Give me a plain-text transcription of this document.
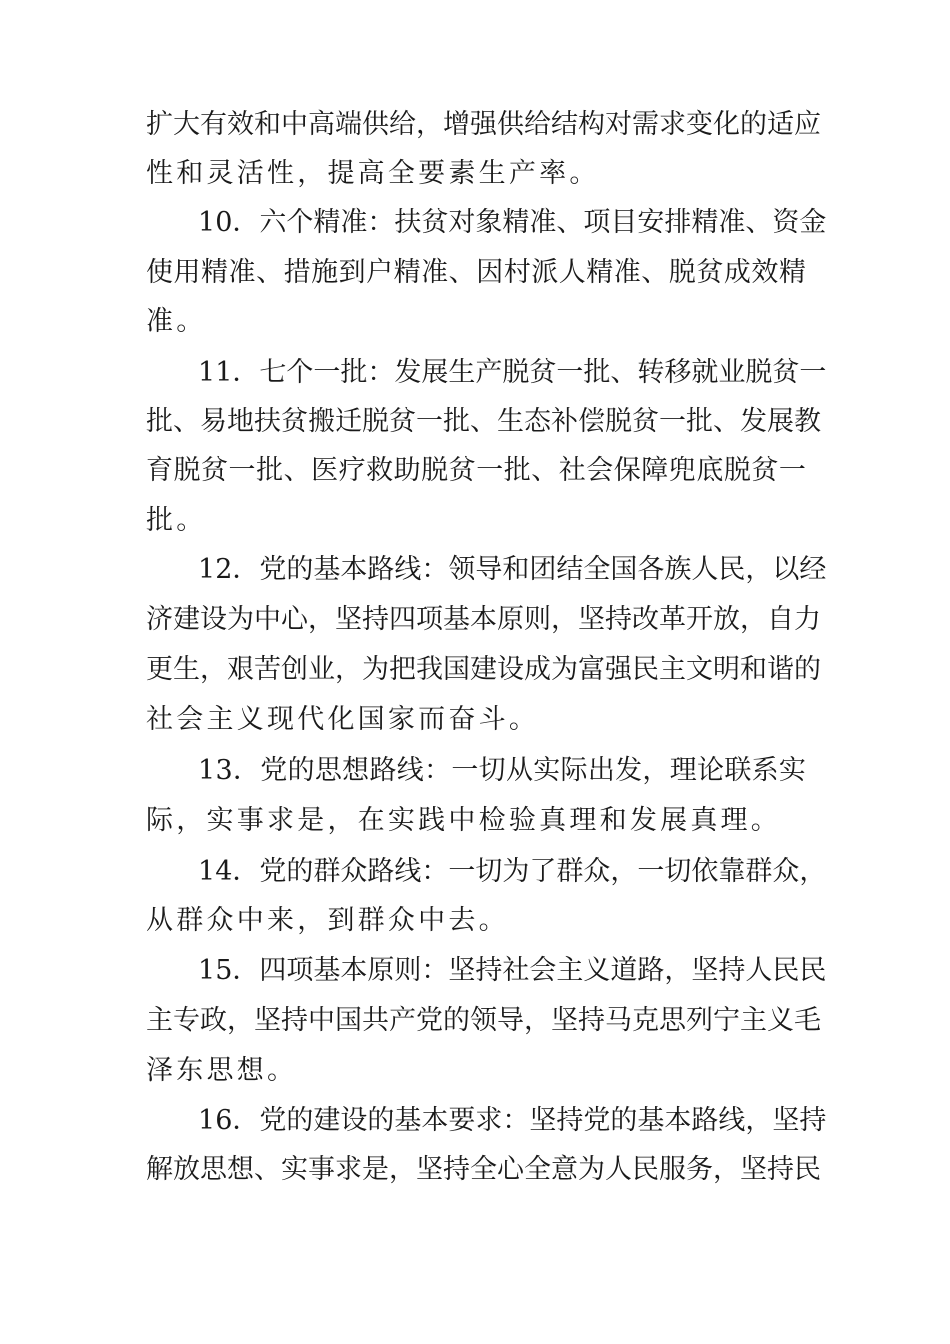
扩 大 有 效 和 中 高 端 供 给 ， 增 强 供 给 结 构 对 需 求 变 化 的 适 应
性和灵活性，提高全要素生产率。
1 0 ． 六 个 精 准 ： 扶 贫 对 象 精 准 、 项 目 安 排 精 准 、 资 金
使 用 精 准 、 措 施 到 户 精 准 、 因 村 派 人 精 准 、 脱 贫 成 效 精
准。
1 1 ． 七 个 一 批 ： 发 展 生 产 脱 贫 一 批 、 转 移 就 业 脱 贫 一
批 、 易 地 扶 贫 搬 迁 脱 贫 一 批 、 生 态 补 偿 脱 贫 一 批 、 发 展 教
育 脱 贫 一 批 、 医 疗 救 助 脱 贫 一 批 、 社 会 保 障 兜 底 脱 贫 一
批。
1 2 ． 党 的 基 本 路 线 ： 领 导 和 团 结 全 国 各 族 人 民 ， 以 经
济 建 设 为 中 心 ， 坚 持 四 项 基 本 原 则 ， 坚 持 改 革 开 放 ， 自 力
更 生 ， 艰 苦 创 业 ， 为 把 我 国 建 设 成 为 富 强 民 主 文 明 和 谐 的
社会主义现代化国家而奋斗。
1 3 ． 党 的 思 想 路 线 ： 一 切 从 实 际 出 发 ， 理 论 联 系 实
际，实事求是，在实践中检验真理和发展真理。
1 4 ． 党 的 群 众 路 线 ： 一 切 为 了 群 众 ， 一 切 依 靠 群 众 ，
从群众中来，到群众中去。
1 5 ． 四 项 基 本 原 则 ： 坚 持 社 会 主 义 道 路 ， 坚 持 人 民 民
主 专 政 ， 坚 持 中 国 共 产 党 的 领 导 ， 坚 持 马 克 思 列 宁 主 义 毛
泽东思想。
1 6 ． 党 的 建 设 的 基 本 要 求 ： 坚 持 党 的 基 本 路 线 ， 坚 持
解 放 思 想 、 实 事 求 是 ， 坚 持 全 心 全 意 为 人 民 服 务 ， 坚 持 民
